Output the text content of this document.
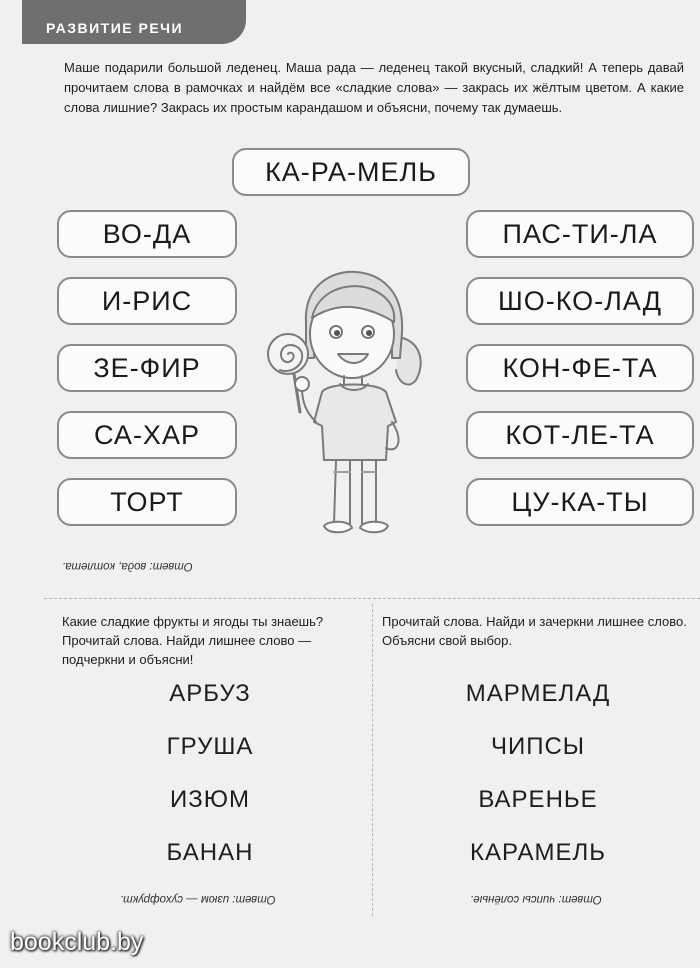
РАЗВИТИЕ РЕЧИ

Маше подарили большой леденец. Маша рада — леденец такой вкусный, сладкий! А теперь давай прочитаем слова в рамочках и найдём все «сладкие слова» — закрась их жёлтым цветом. А какие слова лишние? Закрась их простым карандашом и объясни, почему так думаешь.

КА-РА-МЕЛЬ
ВО-ДА
И-РИС
ЗЕ-ФИР
СА-ХАР
ТОРТ
ПАС-ТИ-ЛА
ШО-КО-ЛАД
КОН-ФЕ-ТА
КОТ-ЛЕ-ТА
ЦУ-КА-ТЫ
Ответ: вода, котлета.

Какие сладкие фрукты и ягоды ты знаешь? Прочитай слова. Найди лишнее слово — подчеркни и объясни!

АРБУЗ
ГРУША
ИЗЮМ
БАНАН
Ответ: изюм — сухофрукт.

Прочитай слова. Найди и зачеркни лишнее слово. Объясни свой выбор.

МАРМЕЛАД
ЧИПСЫ
ВАРЕНЬЕ
КАРАМЕЛЬ
Ответ: чипсы солёные.
bookclub.by
